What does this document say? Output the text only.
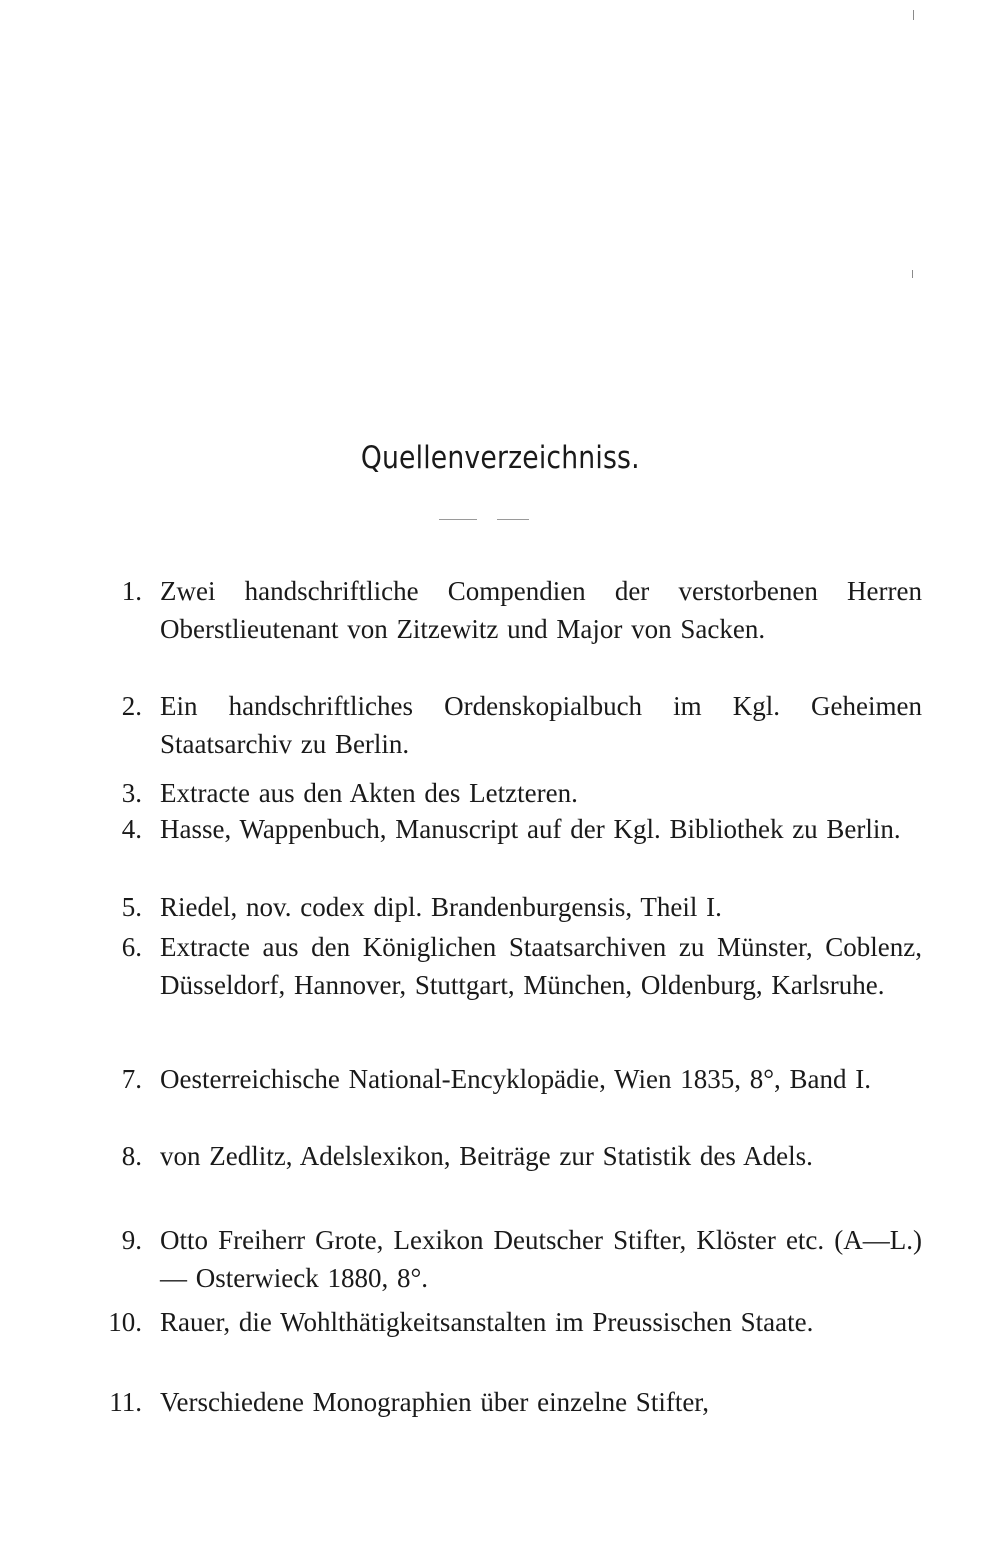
Quellenverzeichniss.
1. Zwei handschriftliche Compendien der verstorbenen Herren Oberstlieutenant von Zitzewitz und Major von Sacken.
2. Ein handschriftliches Ordenskopialbuch im Kgl. Geheimen Staatsarchiv zu Berlin.
3. Extracte aus den Akten des Letzteren.
4. Hasse, Wappenbuch, Manuscript auf der Kgl. Bibliothek zu Berlin.
5. Riedel, nov. codex dipl. Brandenburgensis, Theil I.
6. Extracte aus den Königlichen Staatsarchiven zu Münster, Coblenz, Düsseldorf, Hannover, Stuttgart, München, Oldenburg, Karlsruhe.
7. Oesterreichische National-Encyklopädie, Wien 1835, 8°, Band I.
8. von Zedlitz, Adelslexikon, Beiträge zur Statistik des Adels.
9. Otto Freiherr Grote, Lexikon Deutscher Stifter, Klöster etc. (A—L.) — Osterwieck 1880, 8°.
10. Rauer, die Wohlthätigkeitsanstalten im Preussischen Staate.
11. Verschiedene Monographien über einzelne Stifter,
